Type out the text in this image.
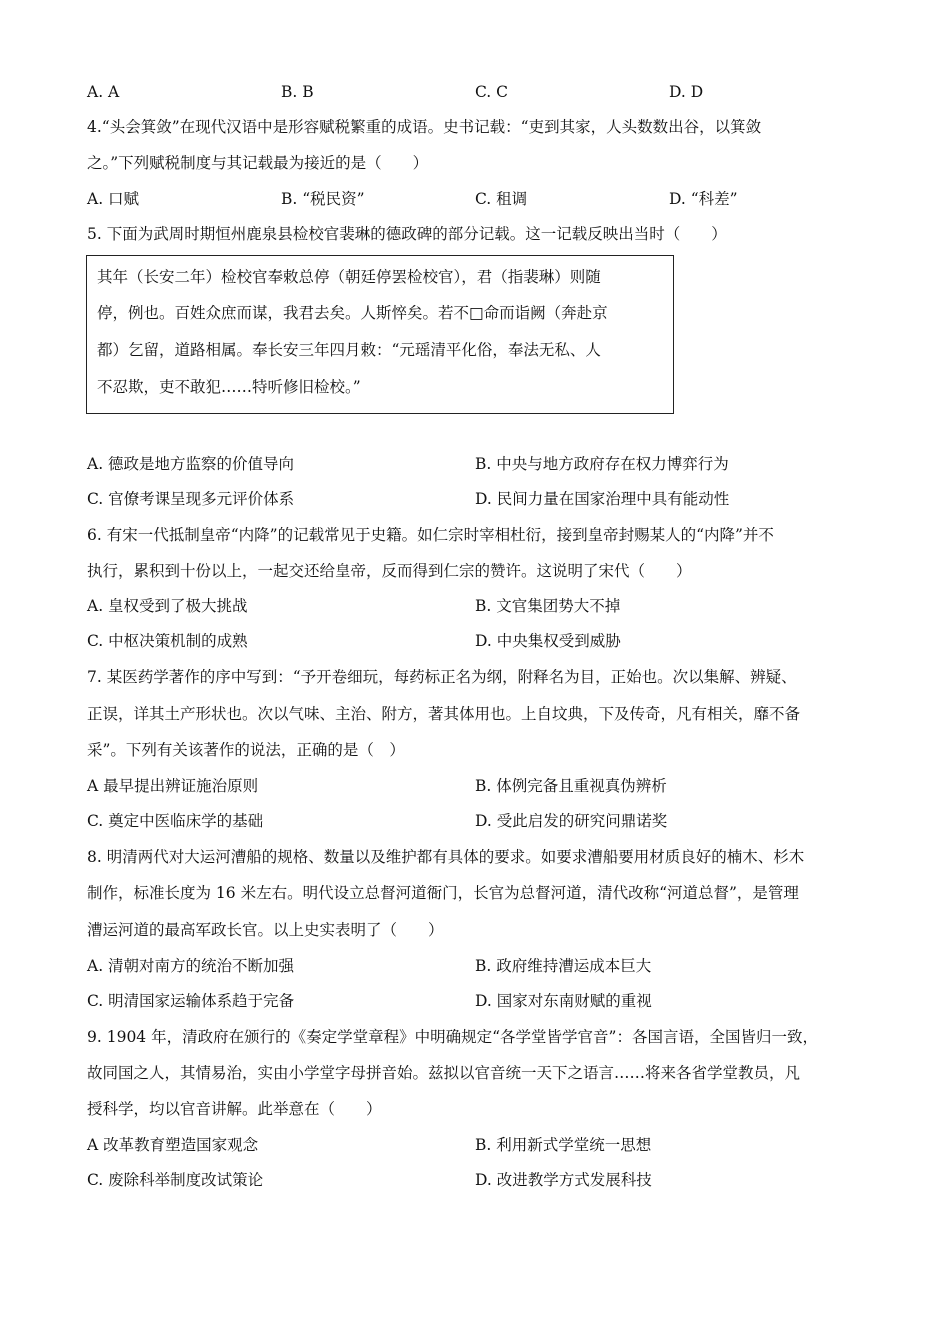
A. A	B. B	C. C	D. D
4.“头会箕敛”在现代汉语中是形容赋税繁重的成语。史书记载：“吏到其家，人头数数出谷，以箕敛
之。”下列赋税制度与其记载最为接近的是（　　）
A. 口赋	B. “税民资”	C. 租调	D. “科差”
5. 下面为武周时期恒州鹿泉县检校官裴琳的德政碑的部分记载。这一记载反映出当时（　　）
其年（长安二年）检校官奉敕总停（朝廷停罢检校官），君（指裴琳）则随
停，例也。百姓众庶而谋，我君去矣。人斯悴矣。若不□命而诣阙（奔赴京
都）乞留，道路相属。奉长安三年四月敕：“元瑶清平化俗，奉法无私、人
不忍欺，吏不敢犯……特听修旧检校。”
A. 德政是地方监察的价值导向	B. 中央与地方政府存在权力博弈行为
C. 官僚考课呈现多元评价体系	D. 民间力量在国家治理中具有能动性
6. 有宋一代抵制皇帝“内降”的记载常见于史籍。如仁宗时宰相杜衍，接到皇帝封赐某人的“内降”并不
执行，累积到十份以上，一起交还给皇帝，反而得到仁宗的赞许。这说明了宋代（　　）
A. 皇权受到了极大挑战	B. 文官集团势大不掉
C. 中枢决策机制的成熟	D. 中央集权受到威胁
7. 某医药学著作的序中写到：“予开卷细玩，每药标正名为纲，附释名为目，正始也。次以集解、辨疑、
正误，详其土产形状也。次以气味、主治、附方，著其体用也。上自坟典，下及传奇，凡有相关，靡不备
采”。下列有关该著作的说法，正确的是（　）
A 最早提出辨证施治原则	B. 体例完备且重视真伪辨析
C. 奠定中医临床学的基础	D. 受此启发的研究问鼎诺奖
8. 明清两代对大运河漕船的规格、数量以及维护都有具体的要求。如要求漕船要用材质良好的楠木、杉木
制作，标准长度为 16 米左右。明代设立总督河道衙门，长官为总督河道，清代改称“河道总督”，是管理
漕运河道的最高军政长官。以上史实表明了（　　）
A. 清朝对南方的统治不断加强	B. 政府维持漕运成本巨大
C. 明清国家运输体系趋于完备	D. 国家对东南财赋的重视
9. 1904 年，清政府在颁行的《奏定学堂章程》中明确规定“各学堂皆学官音”：各国言语，全国皆归一致，
故同国之人，其情易治，实由小学堂字母拼音始。兹拟以官音统一天下之语言……将来各省学堂教员，凡
授科学，均以官音讲解。此举意在（　　）
A 改革教育塑造国家观念	B. 利用新式学堂统一思想
C. 废除科举制度改试策论	D. 改进教学方式发展科技
